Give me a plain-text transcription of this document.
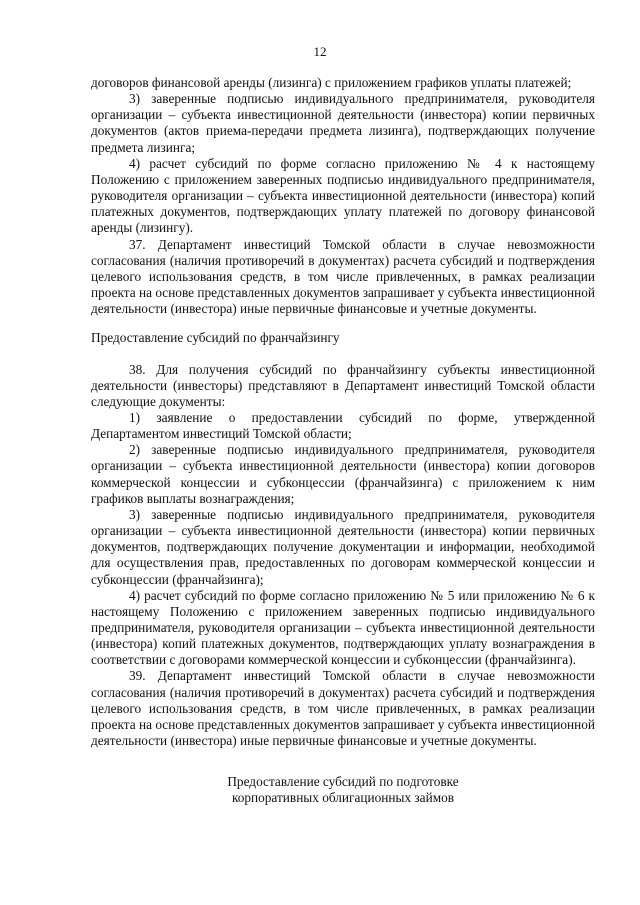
12

договоров финансовой аренды (лизинга) с приложением графиков уплаты платежей;

3) заверенные подписью индивидуального предпринимателя, руководителя организации – субъекта инвестиционной деятельности (инвестора) копии первичных документов (актов приема-передачи предмета лизинга), подтверждающих получение предмета лизинга;

4) расчет субсидий по форме согласно приложению № 4 к настоящему Положению с приложением заверенных подписью индивидуального предпринимателя, руководителя организации – субъекта инвестиционной деятельности (инвестора) копий платежных документов, подтверждающих уплату платежей по договору финансовой аренды (лизингу).

37. Департамент инвестиций Томской области в случае невозможности согласования (наличия противоречий в документах) расчета субсидий и подтверждения целевого использования средств, в том числе привлеченных, в рамках реализации проекта на основе представленных документов запрашивает у субъекта инвестиционной деятельности (инвестора) иные первичные финансовые и учетные документы.

Предоставление субсидий по франчайзингу

38. Для получения субсидий по франчайзингу субъекты инвестиционной деятельности (инвесторы) представляют в Департамент инвестиций Томской области следующие документы:

1) заявление о предоставлении субсидий по форме, утвержденной Департаментом инвестиций Томской области;

2) заверенные подписью индивидуального предпринимателя, руководителя организации – субъекта инвестиционной деятельности (инвестора) копии договоров коммерческой концессии и субконцессии (франчайзинга) с приложением к ним графиков выплаты вознаграждения;

3) заверенные подписью индивидуального предпринимателя, руководителя организации – субъекта инвестиционной деятельности (инвестора) копии первичных документов, подтверждающих получение документации и информации, необходимой для осуществления прав, предоставленных по договорам коммерческой концессии и субконцессии (франчайзинга);

4) расчет субсидий по форме согласно приложению № 5 или приложению № 6 к настоящему Положению с приложением заверенных подписью индивидуального предпринимателя, руководителя организации – субъекта инвестиционной деятельности (инвестора) копий платежных документов, подтверждающих уплату вознаграждения в соответствии с договорами коммерческой концессии и субконцессии (франчайзинга).

39. Департамент инвестиций Томской области в случае невозможности согласования (наличия противоречий в документах) расчета субсидий и подтверждения целевого использования средств, в том числе привлеченных, в рамках реализации проекта на основе представленных документов запрашивает у субъекта инвестиционной деятельности (инвестора) иные первичные финансовые и учетные документы.

Предоставление субсидий по подготовке
корпоративных облигационных займов
